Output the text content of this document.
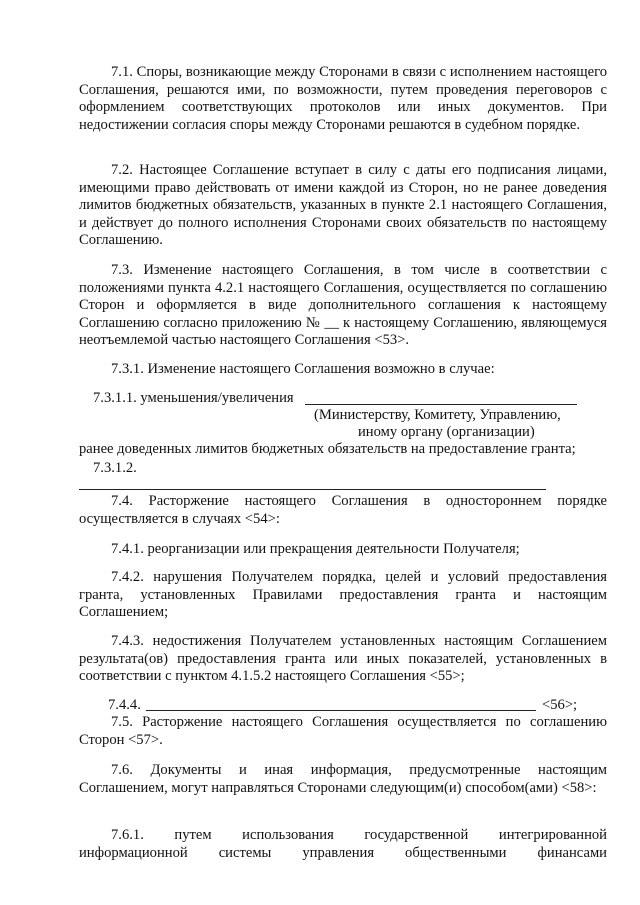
7.1. Споры, возникающие между Сторонами в связи с исполнением настоящего Соглашения, решаются ими, по возможности, путем проведения переговоров с оформлением соответствующих протоколов или иных документов. При недостижении согласия споры между Сторонами решаются в судебном порядке.

7.2. Настоящее Соглашение вступает в силу с даты его подписания лицами, имеющими право действовать от имени каждой из Сторон, но не ранее доведения лимитов бюджетных обязательств, указанных в пункте 2.1 настоящего Соглашения, и действует до полного исполнения Сторонами своих обязательств по настоящему Соглашению.

7.3. Изменение настоящего Соглашения, в том числе в соответствии с положениями пункта 4.2.1 настоящего Соглашения, осуществляется по соглашению Сторон и оформляется в виде дополнительного соглашения к настоящему Соглашению согласно приложению № __ к настоящему Соглашению, являющемуся неотъемлемой частью настоящего Соглашения <53>.

7.3.1. Изменение настоящего Соглашения возможно в случае:

7.3.1.1. уменьшения/увеличения
(Министерству, Комитету, Управлению,
иному органу (организации)
ранее доведенных лимитов бюджетных обязательств на предоставление гранта;
7.3.1.2.

7.4. Расторжение настоящего Соглашения в одностороннем порядке осуществляется в случаях <54>:

7.4.1. реорганизации или прекращения деятельности Получателя;

7.4.2. нарушения Получателем порядка, целей и условий предоставления гранта, установленных Правилами предоставления гранта и настоящим Соглашением;

7.4.3. недостижения Получателем установленных настоящим Соглашением результата(ов) предоставления гранта или иных показателей, установленных в соответствии с пунктом 4.1.5.2 настоящего Соглашения <55>;

7.4.4.	<56>;

7.5. Расторжение настоящего Соглашения осуществляется по соглашению Сторон <57>.

7.6. Документы и иная информация, предусмотренные настоящим Соглашением, могут направляться Сторонами следующим(и) способом(ами) <58>:

7.6.1. путем использования государственной интегрированной информационной системы управления общественными финансами
